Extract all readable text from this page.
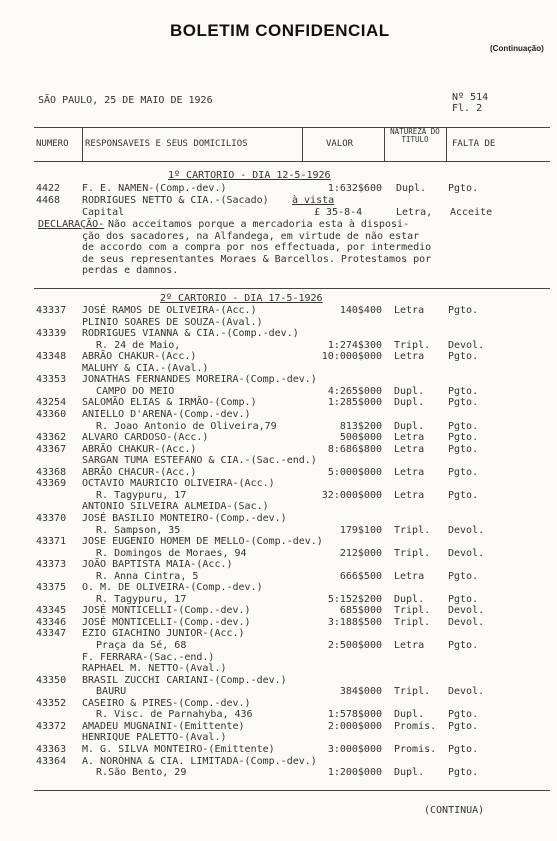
BOLETIM CONFIDENCIAL
(Continuação)
SÃO PAULO, 25 DE MAIO DE 1926	Nº 514
Fl. 2
NUMERO RESPONSAVEIS E SEUS DOMICILIOS	VALOR
NATUREZA DO TITULO	FALTA DE
1º CARTORIO - DIA 12-5-1926
4422 F. E. NAMEN-(Comp.-dev.)	1:632$600 Dupl. Pgto.
4468 RODRIGUES NETTO & CIA.-(Sacado) à vista
Capital	£ 35-8-4	Letra, Acceite
DECLARAÇÃO- Não acceitamos porque a mercadoria esta à disposi-
ção dos sacadores, na Alfandega, em virtude de não estar
de accordo com a compra por nos effectuada, por intermedio
de seus representantes Moraes & Barcellos. Protestamos por
perdas e damnos.
2º CARTORIO - DIA 17-5-1926
43337 JOSÉ RAMOS DE OLIVEIRA-(Acc.)	140$400 Letra Pgto.
PLINIO SOARES DE SOUZA-(Aval.)
43339 RODRIGUES VIANNA & CIA.-(Comp.-dev.)
R. 24 de Maio,	1:274$300 Tripl. Devol.
43348 ABRÃO CHAKUR-(Acc.)	10:000$000 Letra Pgto.
MALUHY & CIA.-(Aval.)
43353 JONATHAS FERNANDES MOREIRA-(Comp.-dev.)
CAMPO DO MEIO	4:265$000 Dupl. Pgto.
43254 SALOMÃO ELIAS & IRMÃO-(Comp.)	1:285$000 Dupl. Pgto.
43360 ANIELLO D'ARENA-(Comp.-dev.)
R. Joao Antonio de Oliveira,79	813$200 Dupl. Pgto.
43362 ALVARO CARDOSO-(Acc.)	500$000 Letra Pgto.
43367 ABRÃO CHAKUR-(Acc.)	8:686$800 Letra Pgto.
SARGAN TUMA ESTEFANO & CIA.-(Sac.-end.)
43368 ABRÃO CHACUR-(Acc.)	5:000$000 Letra Pgto.
43369 OCTAVIO MAURICIO OLIVEIRA-(Acc.)
R. Tagypuru, 17	32:000$000 Letra Pgto.
ANTONIO SILVEIRA ALMEIDA-(Sac.)
43370 JOSÉ BASILIO MONTEIRO-(Comp.-dev.)
R. Sampson, 35	179$100 Tripl. Devol.
43371 JOSE EUGENIO HOMEM DE MELLO-(Comp.-dev.)
R. Domingos de Moraes, 94	212$000 Tripl. Devol.
43373 JOÃO BAPTISTA MAIA-(Acc.)
R. Anna Cintra, 5	666$500 Letra Pgto.
43375 O. M. DE OLIVEIRA-(Comp.-dev.)
R. Tagypuru, 17	5:152$200 Dupl. Pgto.
43345 JOSÉ MONTICELLI-(Comp.-dev.)	685$000 Tripl. Devol.
43346 JOSÉ MONTICELLI-(Comp.-dev.)	3:188$500 Tripl. Devol.
43347 EZIO GIACHINO JUNIOR-(Acc.)
Praça da Sé, 68	2:500$000 Letra Pgto.
F. FERRARA-(Sac.-end.)
RAPHAEL M. NETTO-(Aval.)
43350 BRASIL ZUCCHI CARIANI-(Comp.-dev.)
BAURU	384$000 Tripl. Devol.
43352 CASEIRO & PIRES-(Comp.-dev.)
R. Visc. de Parnahyba, 436	1:578$000 Dupl. Pgto.
43372 AMADEU MUGNAINI-(Emittente)	2:000$000 Promis. Pgto.
HENRIQUE PALETTO-(Aval.)
43363 M. G. SILVA MONTEIRO-(Emittente)	3:000$000 Promis. Pgto.
43364 A. NOROHNA & CIA. LIMITADA-(Comp.-dev.)
R.São Bento, 29	1:200$000 Dupl. Pgto.
(CONTINUA)
